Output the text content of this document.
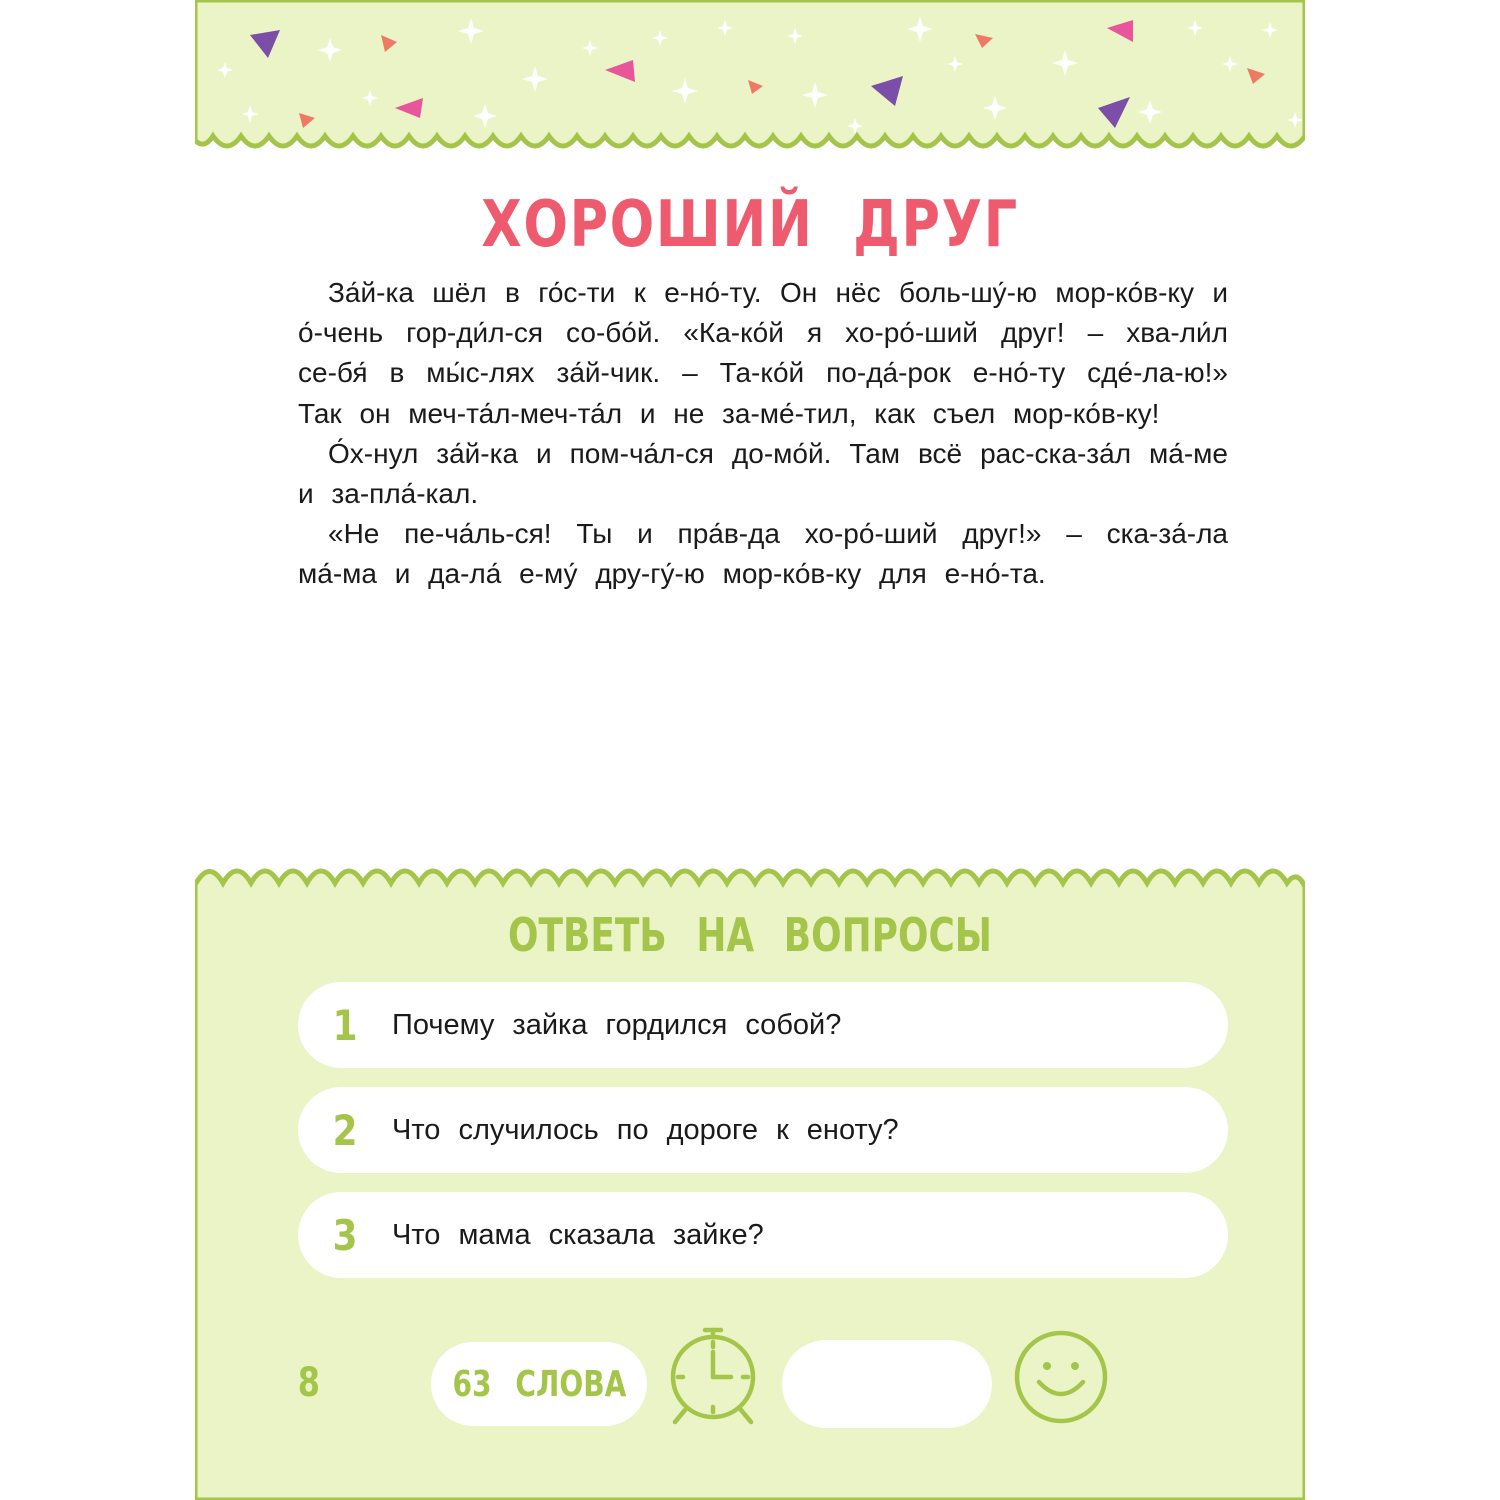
ХОРОШИЙ ДРУГ

За́й-ка шёл в го́с-ти к е-но́-ту. Он нёс боль-шу́-ю мор-ко́в-ку и о́-чень гор-ди́л-ся со-бо́й. «Ка-ко́й я хо-ро́-ший друг! – хва-ли́л се-бя́ в мы́с-лях за́й-чик. – Та-ко́й по-да́-рок е-но́-ту сде́-ла-ю!» Так он меч-та́л-меч-та́л и не за-ме́-тил, как съел мор-ко́в-ку!

О́х-нул за́й-ка и пом-ча́л-ся до-мо́й. Там всё рас-ска-за́л ма́-ме и за-пла́-кал.

«Не пе-ча́ль-ся! Ты и пра́в-да хо-ро́-ший друг!» – ска-за́-ла ма́-ма и да-ла́ е-му́ дру-гу́-ю мор-ко́в-ку для е-но́-та.

ОТВЕТЬ НА ВОПРОСЫ
1	Почему зайка гордился собой?
2	Что случилось по дороге к еноту?
3	Что мама сказала зайке?
8	63 СЛОВА
